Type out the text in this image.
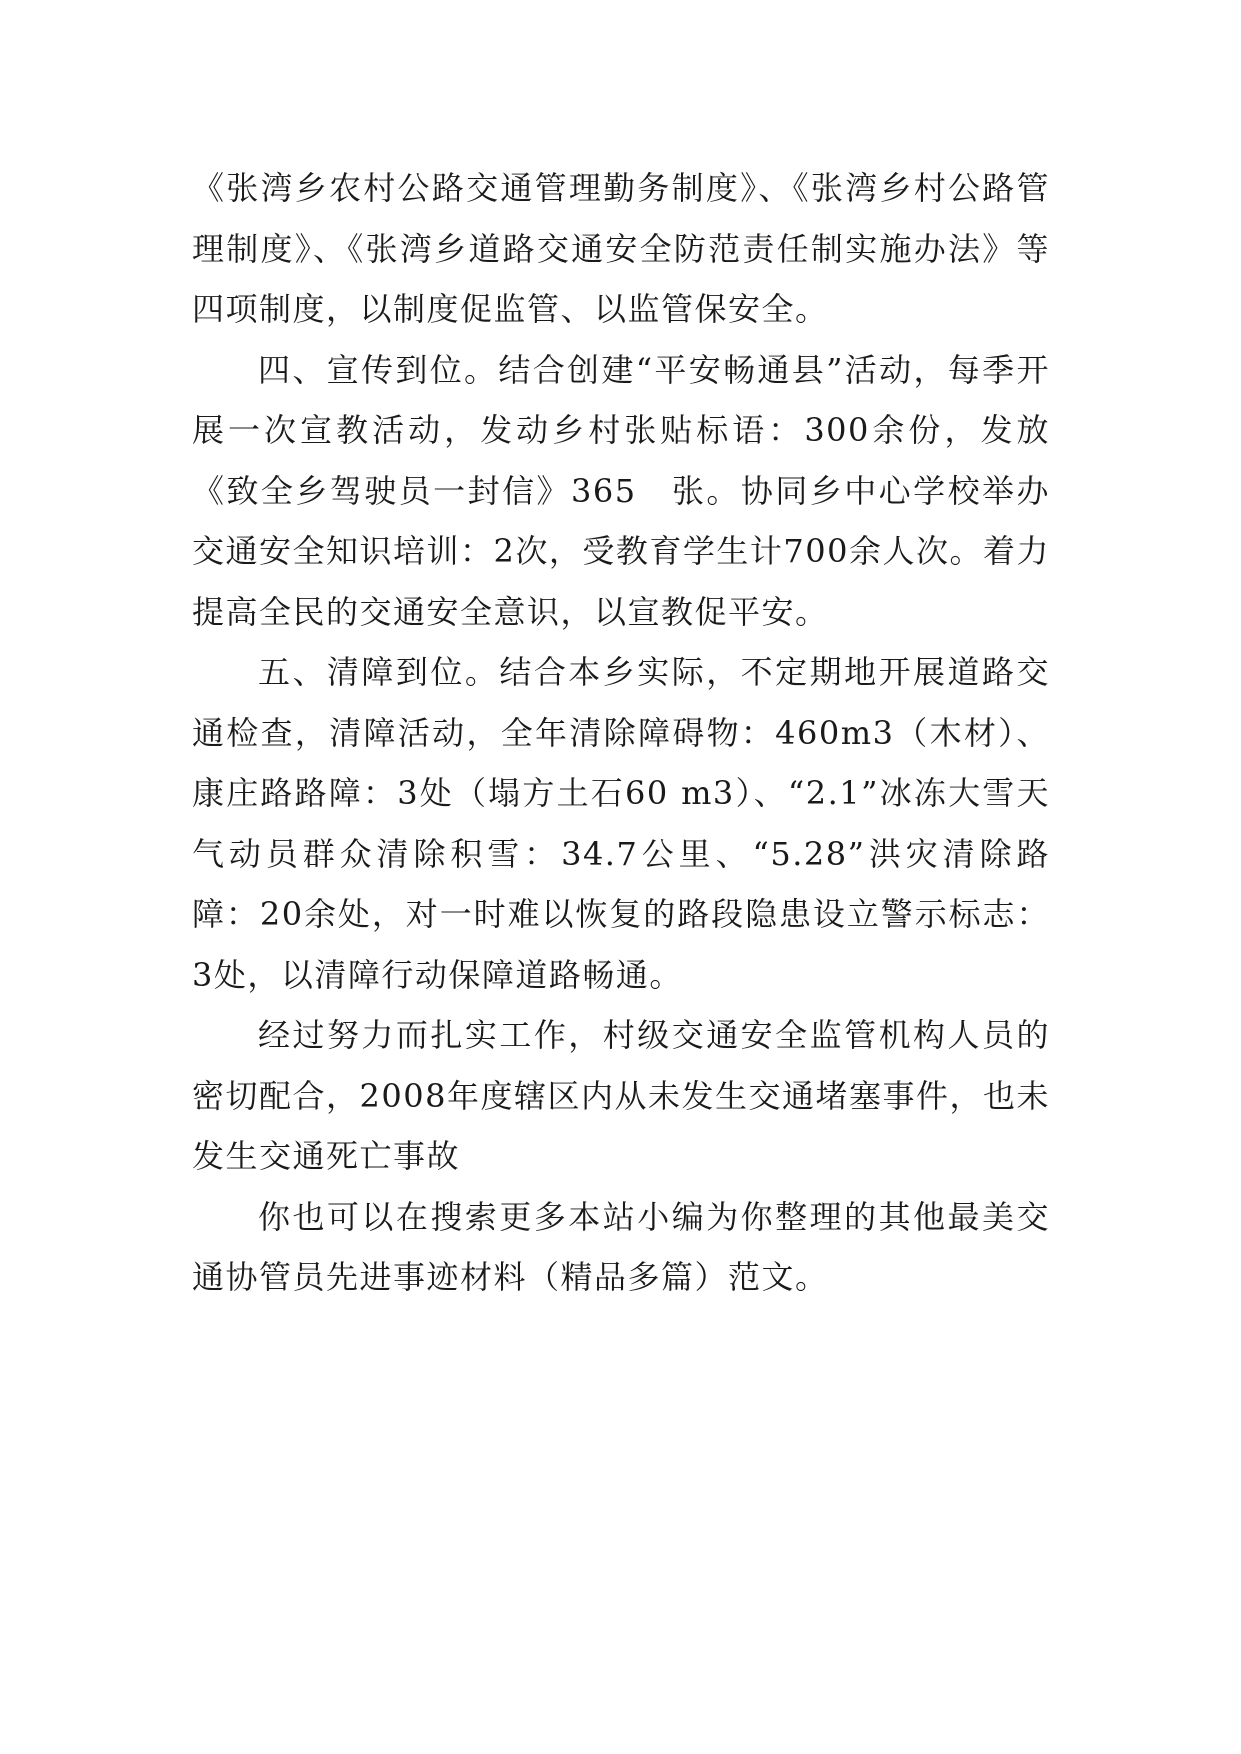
《张湾乡农村公路交通管理勤务制度》、《张湾乡村公路管理制度》、《张湾乡道路交通安全防范责任制实施办法》等四项制度，以制度促监管、以监管保安全。

四、宣传到位。结合创建“平安畅通县”活动，每季开展一次宣教活动，发动乡村张贴标语：300余份，发放《致全乡驾驶员一封信》365　张。协同乡中心学校举办交通安全知识培训：2次，受教育学生计700余人次。着力提高全民的交通安全意识，以宣教促平安。

五、清障到位。结合本乡实际，不定期地开展道路交通检查，清障活动，全年清除障碍物：460m3（木材）、康庄路路障：3处（塌方土石60 m3）、“2.1”冰冻大雪天气动员群众清除积雪：34.7公里、“5.28”洪灾清除路障：20余处，对一时难以恢复的路段隐患设立警示标志：3处，以清障行动保障道路畅通。

经过努力而扎实工作，村级交通安全监管机构人员的密切配合，2008年度辖区内从未发生交通堵塞事件，也未发生交通死亡事故

你也可以在搜索更多本站小编为你整理的其他最美交通协管员先进事迹材料（精品多篇）范文。
